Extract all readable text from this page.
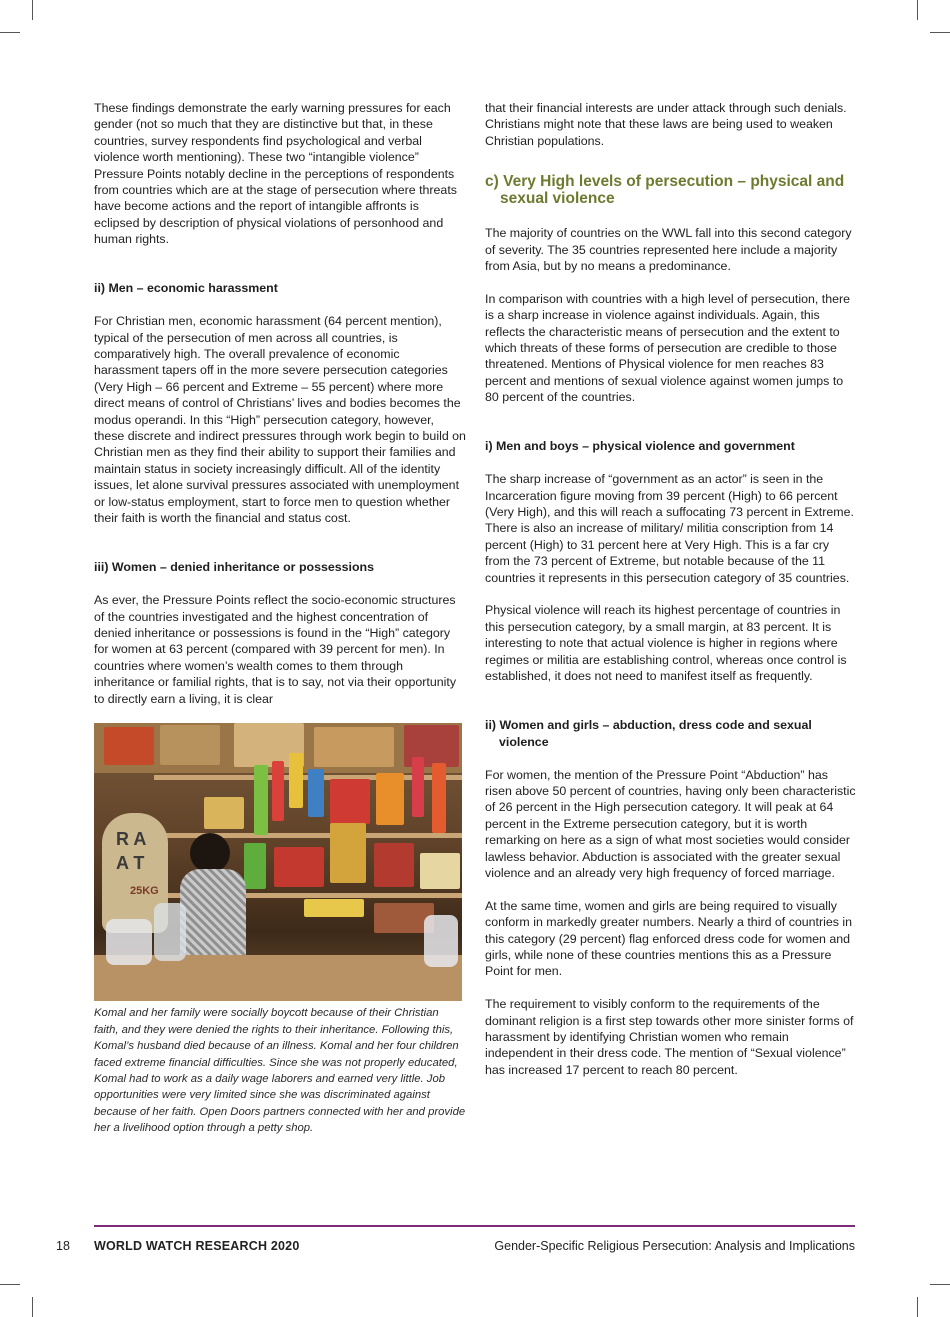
These findings demonstrate the early warning pressures for each gender (not so much that they are distinctive but that, in these countries, survey respondents find psychological and verbal violence worth mentioning). These two “intangible violence” Pressure Points notably decline in the perceptions of respondents from countries which are at the stage of persecution where threats have become actions and the report of intangible affronts is eclipsed by description of physical violations of personhood and human rights.

ii) Men – economic harassment

For Christian men, economic harassment (64 percent mention), typical of the persecution of men across all countries, is comparatively high. The overall prevalence of economic harassment tapers off in the more severe persecution categories (Very High – 66 percent and Extreme – 55 percent) where more direct means of control of Christians’ lives and bodies becomes the modus operandi. In this “High” persecution category, however, these discrete and indirect pressures through work begin to build on Christian men as they find their ability to support their families and maintain status in society increasingly difficult. All of the identity issues, let alone survival pressures associated with unemployment or low-status employment, start to force men to question whether their faith is worth the financial and status cost.

iii) Women – denied inheritance or possessions

As ever, the Pressure Points reflect the socio-economic structures of the countries investigated and the highest concentration of denied inheritance or possessions is found in the “High” category for women at 63 percent (compared with 39 percent for men). In countries where women’s wealth comes to them through inheritance or familial rights, that is to say, not via their opportunity to directly earn a living, it is clear

R A
A T
25KG
Komal and her family were socially boycott because of their Christian faith, and they were denied the rights to their inheritance. Following this, Komal’s husband died because of an illness. Komal and her four children faced extreme financial difficulties. Since she was not properly educated, Komal had to work as a daily wage laborers and earned very little. Job opportunities were very limited since she was discriminated against because of her faith. Open Doors partners connected with her and provide her a livelihood option through a petty shop.

that their financial interests are under attack through such denials. Christians might note that these laws are being used to weaken Christian populations.

c) Very High levels of persecution – physical and sexual violence

The majority of countries on the WWL fall into this second category of severity. The 35 countries represented here include a majority from Asia, but by no means a predominance.

In comparison with countries with a high level of persecution, there is a sharp increase in violence against individuals. Again, this reflects the characteristic means of persecution and the extent to which threats of these forms of persecution are credible to those threatened. Mentions of Physical violence for men reaches 83 percent and mentions of sexual violence against women jumps to 80 percent of the countries.

i) Men and boys – physical violence and government

The sharp increase of “government as an actor” is seen in the Incarceration figure moving from 39 percent (High) to 66 percent (Very High), and this will reach a suffocating 73 percent in Extreme. There is also an increase of military/ militia conscription from 14 percent (High) to 31 percent here at Very High. This is a far cry from the 73 percent of Extreme, but notable because of the 11 countries it represents in this persecution category of 35 countries.

Physical violence will reach its highest percentage of countries in this persecution category, by a small margin, at 83 percent. It is interesting to note that actual violence is higher in regions where regimes or militia are establishing control, whereas once control is established, it does not need to manifest itself as frequently.

ii) Women and girls – abduction, dress code and sexual violence

For women, the mention of the Pressure Point “Abduction” has risen above 50 percent of countries, having only been characteristic of 26 percent in the High persecution category. It will peak at 64 percent in the Extreme persecution category, but it is worth remarking on here as a sign of what most societies would consider lawless behavior. Abduction is associated with the greater sexual violence and an already very high frequency of forced marriage.

At the same time, women and girls are being required to visually conform in markedly greater numbers. Nearly a third of countries in this category (29 percent) flag enforced dress code for women and girls, while none of these countries mentions this as a Pressure Point for men.

The requirement to visibly conform to the requirements of the dominant religion is a first step towards other more sinister forms of harassment by identifying Christian women who remain independent in their dress code. The mention of “Sexual violence” has increased 17 percent to reach 80 percent.

18 WORLD WATCH RESEARCH 2020	Gender-Specific Religious Persecution: Analysis and Implications
